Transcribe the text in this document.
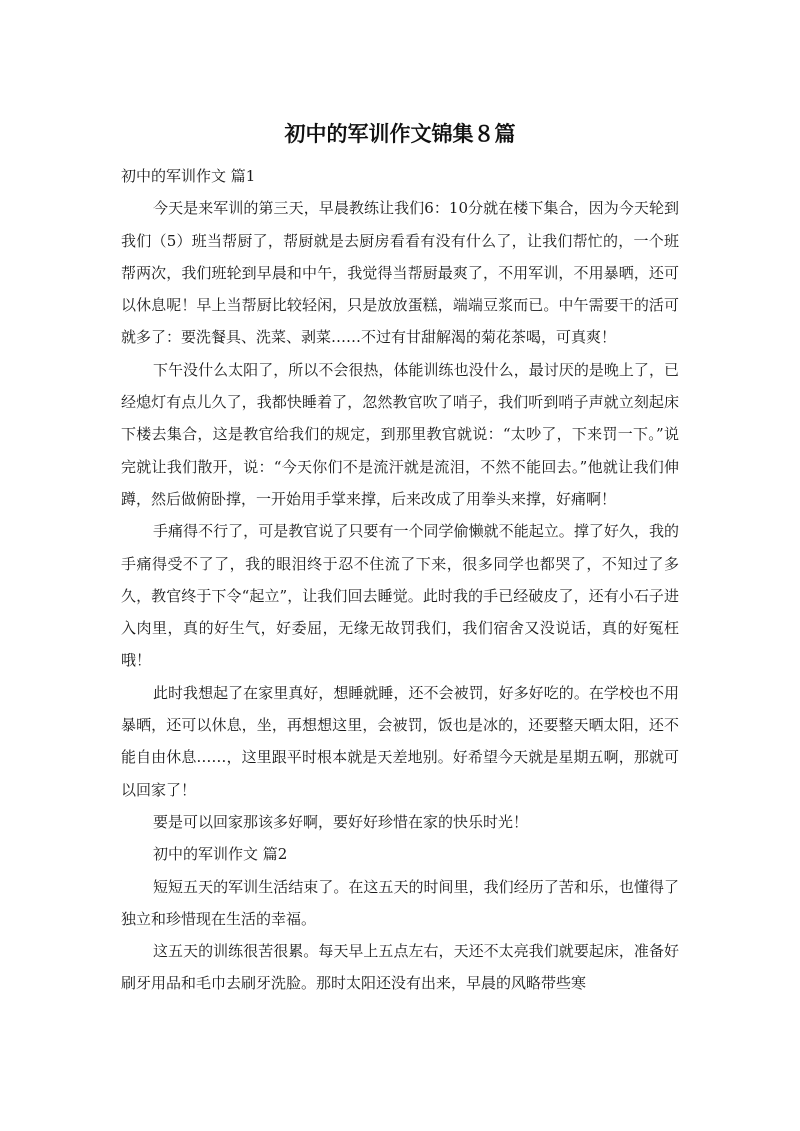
初中的军训作文锦集８篇

初中的军训作文 篇1

今天是来军训的第三天，早晨教练让我们6：10分就在楼下集合，因为今天轮到我们（5）班当帮厨了，帮厨就是去厨房看看有没有什么了，让我们帮忙的，一个班帮两次，我们班轮到早晨和中午，我觉得当帮厨最爽了，不用军训，不用暴晒，还可以休息呢！早上当帮厨比较轻闲，只是放放蛋糕，端端豆浆而已。中午需要干的活可就多了：要洗餐具、洗菜、剥菜……不过有甘甜解渴的菊花茶喝，可真爽！

下午没什么太阳了，所以不会很热，体能训练也没什么，最讨厌的是晚上了，已经熄灯有点儿久了，我都快睡着了，忽然教官吹了哨子，我们听到哨子声就立刻起床下楼去集合，这是教官给我们的规定，到那里教官就说：“太吵了，下来罚一下。”说完就让我们散开，说：“今天你们不是流汗就是流泪，不然不能回去。”他就让我们伸蹲，然后做俯卧撑，一开始用手掌来撑，后来改成了用拳头来撑，好痛啊！

手痛得不行了，可是教官说了只要有一个同学偷懒就不能起立。撑了好久，我的手痛得受不了了，我的眼泪终于忍不住流了下来，很多同学也都哭了，不知过了多久，教官终于下令“起立”，让我们回去睡觉。此时我的手已经破皮了，还有小石子进入肉里，真的好生气，好委屈，无缘无故罚我们，我们宿舍又没说话，真的好冤枉哦！

此时我想起了在家里真好，想睡就睡，还不会被罚，好多好吃的。在学校也不用暴晒，还可以休息，坐，再想想这里，会被罚，饭也是冰的，还要整天晒太阳，还不能自由休息……，这里跟平时根本就是天差地别。好希望今天就是星期五啊，那就可以回家了！

要是可以回家那该多好啊，要好好珍惜在家的快乐时光！

初中的军训作文 篇2

短短五天的军训生活结束了。在这五天的时间里，我们经历了苦和乐，也懂得了独立和珍惜现在生活的幸福。

这五天的训练很苦很累。每天早上五点左右，天还不太亮我们就要起床，准备好刷牙用品和毛巾去刷牙洗脸。那时太阳还没有出来，早晨的风略带些寒
